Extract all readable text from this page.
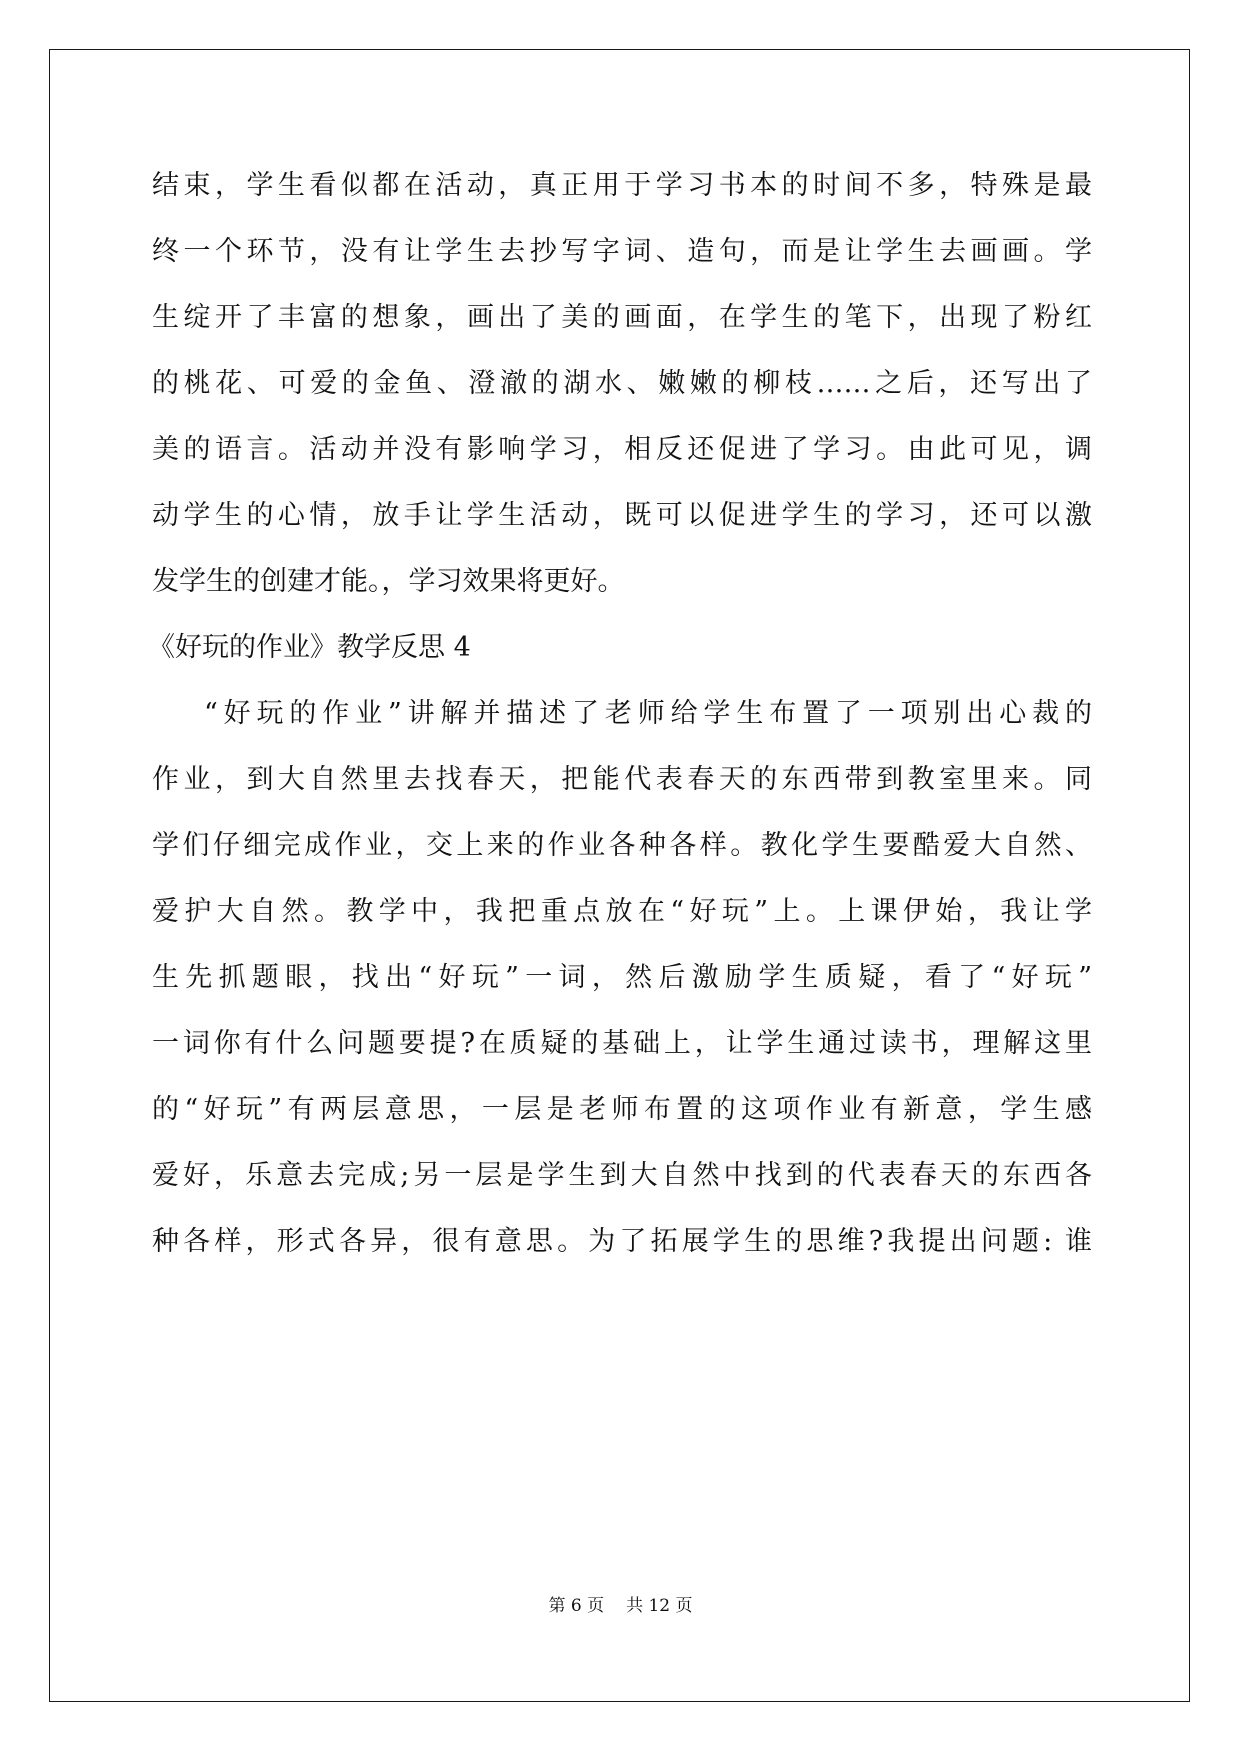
结束，学生看似都在活动，真正用于学习书本的时间不多，特殊是最
终一个环节，没有让学生去抄写字词、造句，而是让学生去画画。学
生绽开了丰富的想象，画出了美的画面，在学生的笔下，出现了粉红
的桃花、可爱的金鱼、澄澈的湖水、嫩嫩的柳枝……之后，还写出了
美的语言。活动并没有影响学习，相反还促进了学习。由此可见，调
动学生的心情，放手让学生活动，既可以促进学生的学习，还可以激
发学生的创建才能。，学习效果将更好。
《好玩的作业》教学反思 4
“好玩的作业”讲解并描述了老师给学生布置了一项别出心裁的
作业，到大自然里去找春天，把能代表春天的东西带到教室里来。同
学们仔细完成作业，交上来的作业各种各样。教化学生要酷爱大自然、
爱护大自然。教学中，我把重点放在“好玩”上。上课伊始，我让学
生先抓题眼，找出“好玩”一词，然后激励学生质疑，看了“好玩”
一词你有什么问题要提?在质疑的基础上，让学生通过读书，理解这里
的“好玩”有两层意思，一层是老师布置的这项作业有新意，学生感
爱好，乐意去完成;另一层是学生到大自然中找到的代表春天的东西各
种各样，形式各异，很有意思。为了拓展学生的思维?我提出问题: 谁
第 6 页 共 12 页
